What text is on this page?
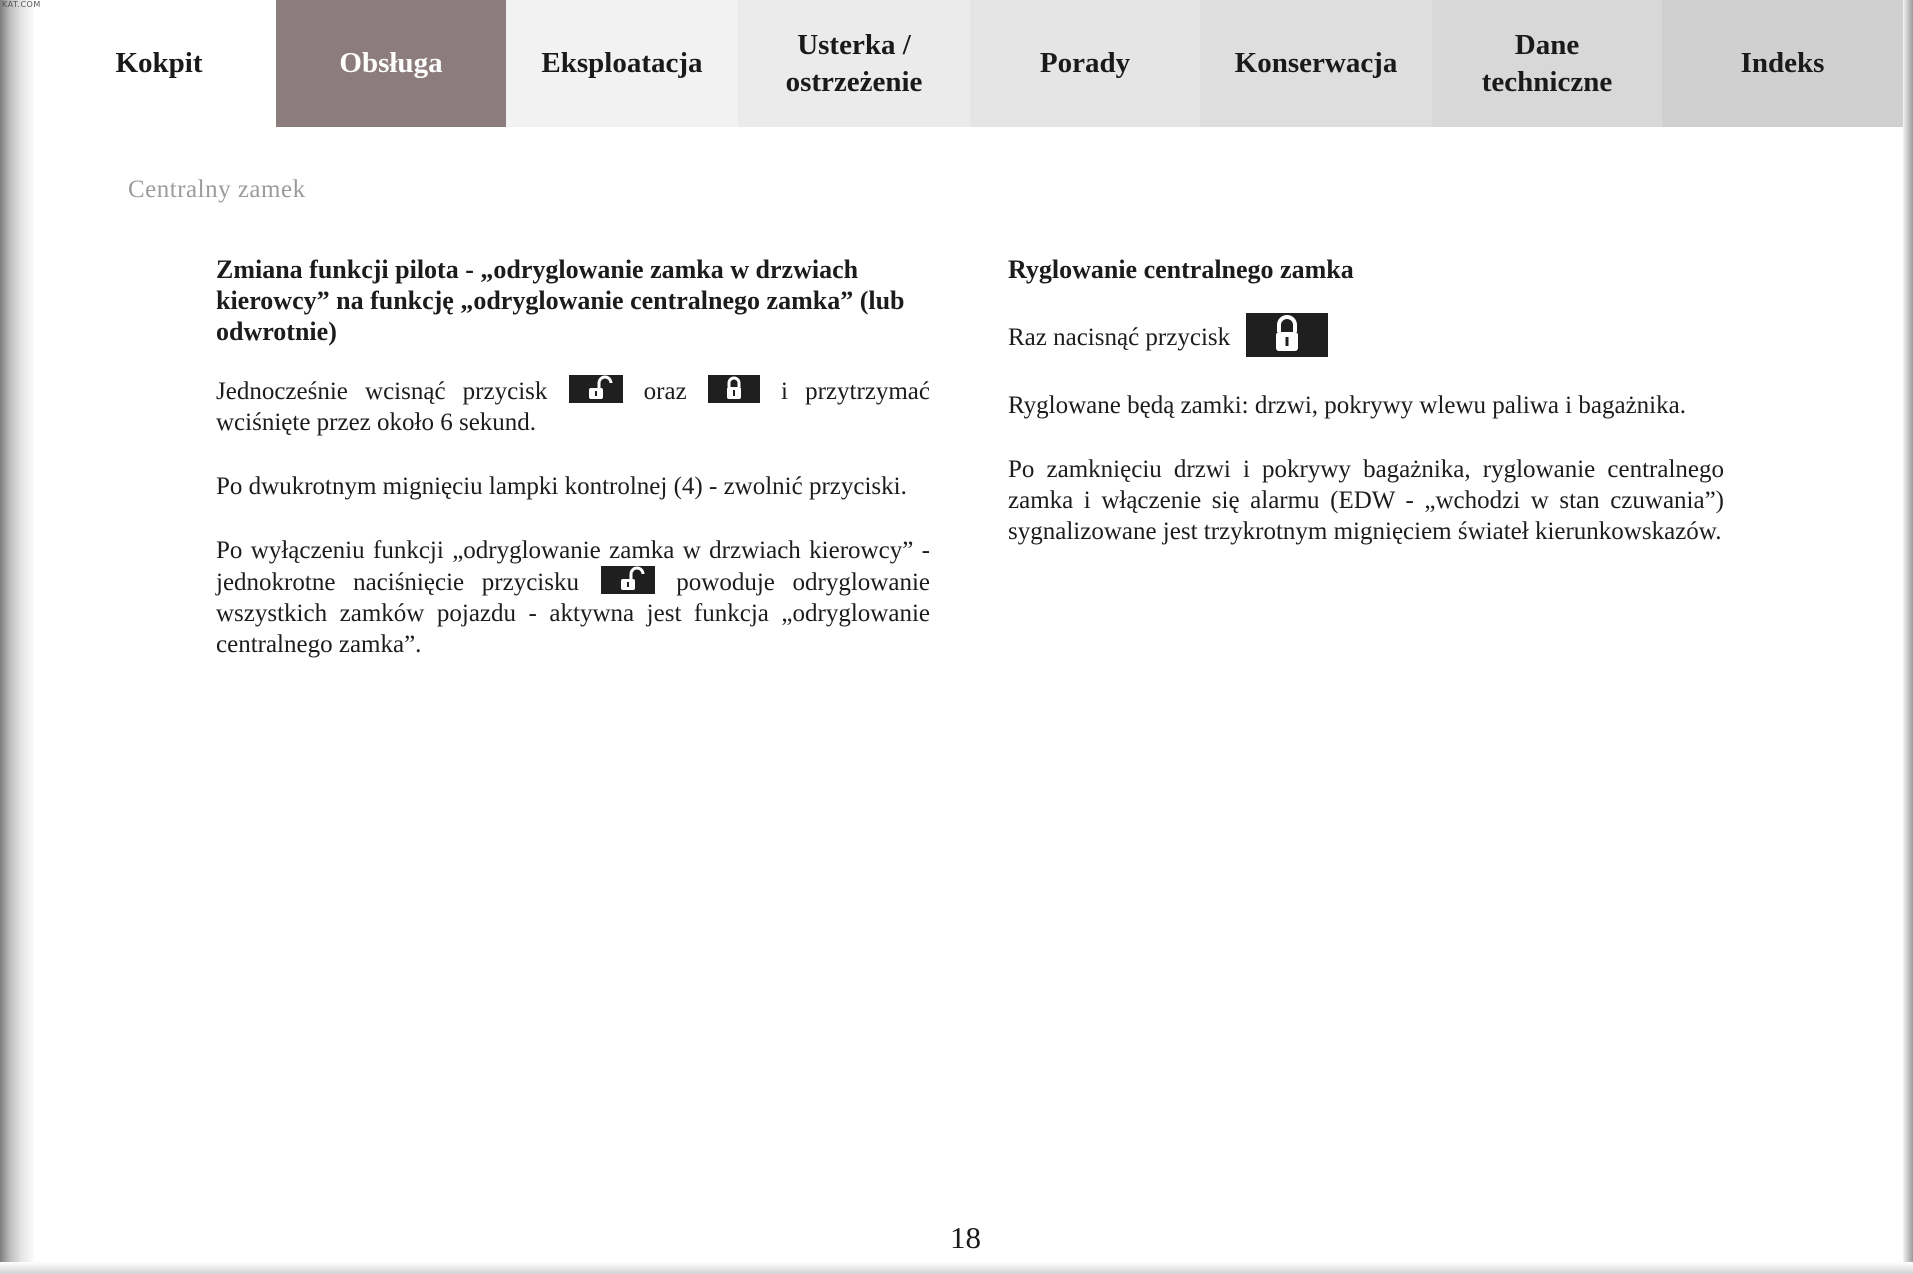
KAT.COM
Kokpit	Obsługa	Eksploatacja
Usterka /
ostrzeżenie
Porady	Konserwacja
Dane
techniczne
Indeks
Centralny zamek
Zmiana funkcji pilota - „odryglowanie zamka w drzwiach kierowcy” na funkcję „odryglowanie centralnego zamka” (lub odwrotnie)

Jednocześnie wcisnąć przycisk	oraz	i przytrzymać wciśnięte przez około 6 sekund.

Po dwukrotnym mignięciu lampki kontrolnej (4) - zwolnić przyciski.

Po wyłączeniu funkcji „odryglowanie zamka w drzwiach kierowcy” - jednokrotne naciśnięcie przycisku	powoduje odryglowanie wszystkich zamków pojazdu - aktywna jest funkcja „odryglowanie centralnego zamka”.

Ryglowanie centralnego zamka

Raz nacisnąć przycisk

Ryglowane będą zamki: drzwi, pokrywy wlewu paliwa i bagażnika.

Po zamknięciu drzwi i pokrywy bagażnika, ryglowanie centralnego zamka i włączenie się alarmu (EDW - „wchodzi w stan czuwania”) sygnalizowane jest trzykrotnym mignięciem świateł kierunkowskazów.

18
